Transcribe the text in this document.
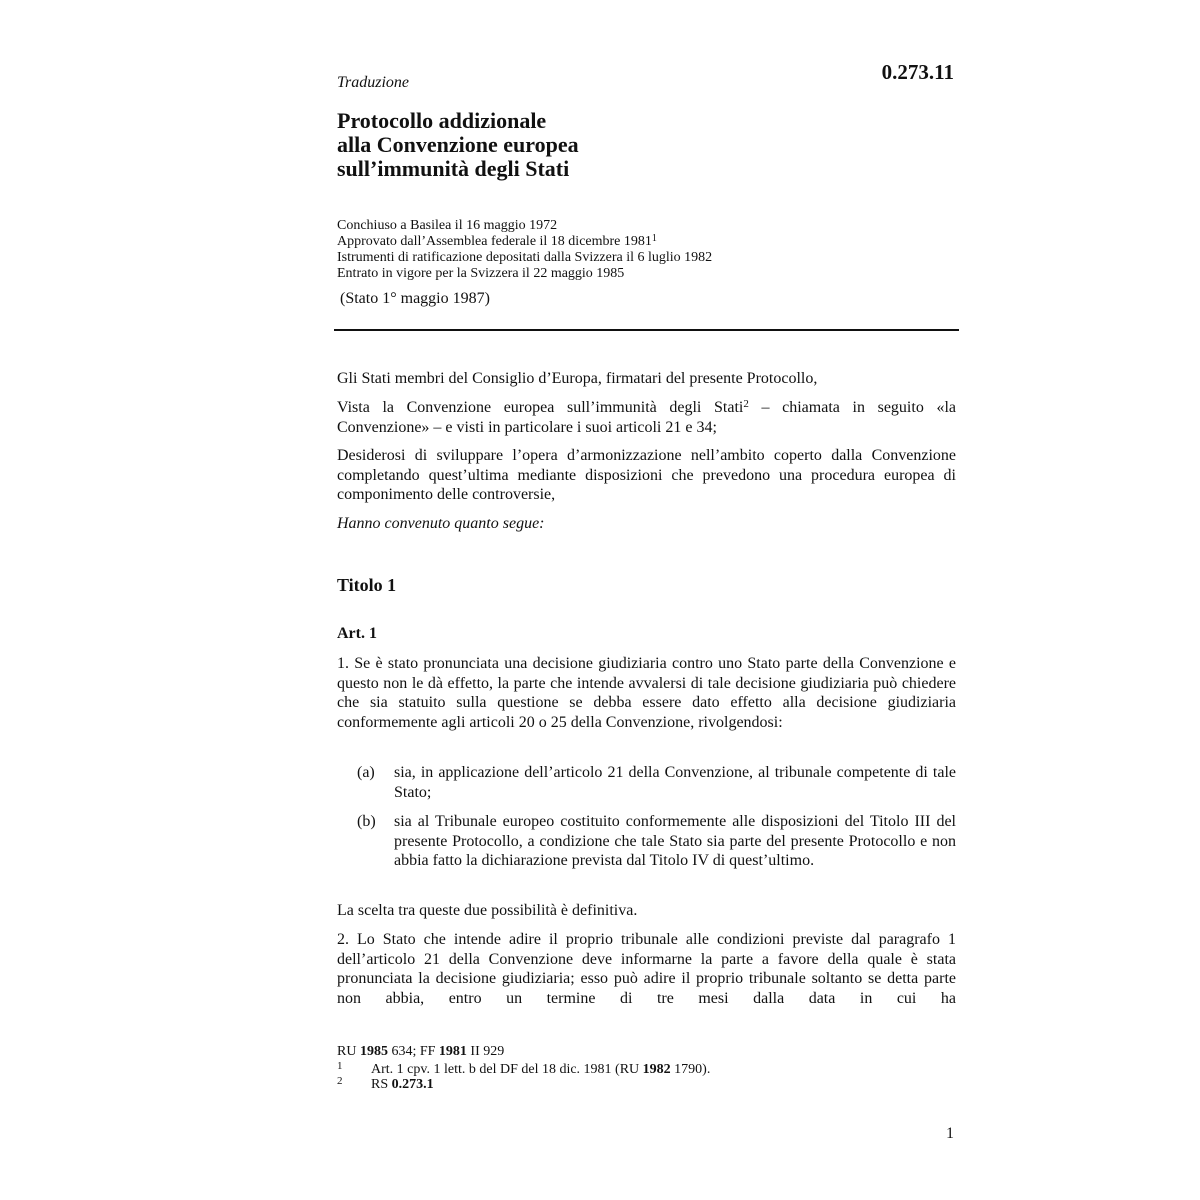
0.273.11
Traduzione
Protocollo addizionale
alla Convenzione europea
sull’immunità degli Stati
Conchiuso a Basilea il 16 maggio 1972
Approvato dall’Assemblea federale il 18 dicembre 1981$^1$
Istrumenti di ratificazione depositati dalla Svizzera il 6 luglio 1982
Entrato in vigore per la Svizzera il 22 maggio 1985
(Stato 1° maggio 1987)
Gli Stati membri del Consiglio d’Europa, firmatari del presente Protocollo,
Vista la Convenzione europea sull’immunità degli Stati$^2$ – chiamata in seguito «la Convenzione» – e visti in particolare i suoi articoli 21 e 34;
Desiderosi di sviluppare l’opera d’armonizzazione nell’ambito coperto dalla Convenzione completando quest’ultima mediante disposizioni che prevedono una procedura europea di componimento delle controversie,
Hanno convenuto quanto segue:
Titolo 1
Art. 1
1. Se è stato pronunciata una decisione giudiziaria contro uno Stato parte della Convenzione e questo non le dà effetto, la parte che intende avvalersi di tale decisione giudiziaria può chiedere che sia statuito sulla questione se debba essere dato effetto alla decisione giudiziaria conformemente agli articoli 20 o 25 della Convenzione, rivolgendosi:
(a) sia, in applicazione dell’articolo 21 della Convenzione, al tribunale competente di tale Stato;
(b) sia al Tribunale europeo costituito conformemente alle disposizioni del Titolo III del presente Protocollo, a condizione che tale Stato sia parte del presente Protocollo e non abbia fatto la dichiarazione prevista dal Titolo IV di quest’ultimo.
La scelta tra queste due possibilità è definitiva.
2. Lo Stato che intende adire il proprio tribunale alle condizioni previste dal paragrafo 1 dell’articolo 21 della Convenzione deve informarne la parte a favore della quale è stata pronunciata la decisione giudiziaria; esso può adire il proprio tribunale soltanto se detta parte non abbia, entro un termine di tre mesi dalla data in cui ha
RU 1985 634; FF 1981 II 929
1 Art. 1 cpv. 1 lett. b del DF del 18 dic. 1981 (RU 1982 1790).
2 RS 0.273.1
1
